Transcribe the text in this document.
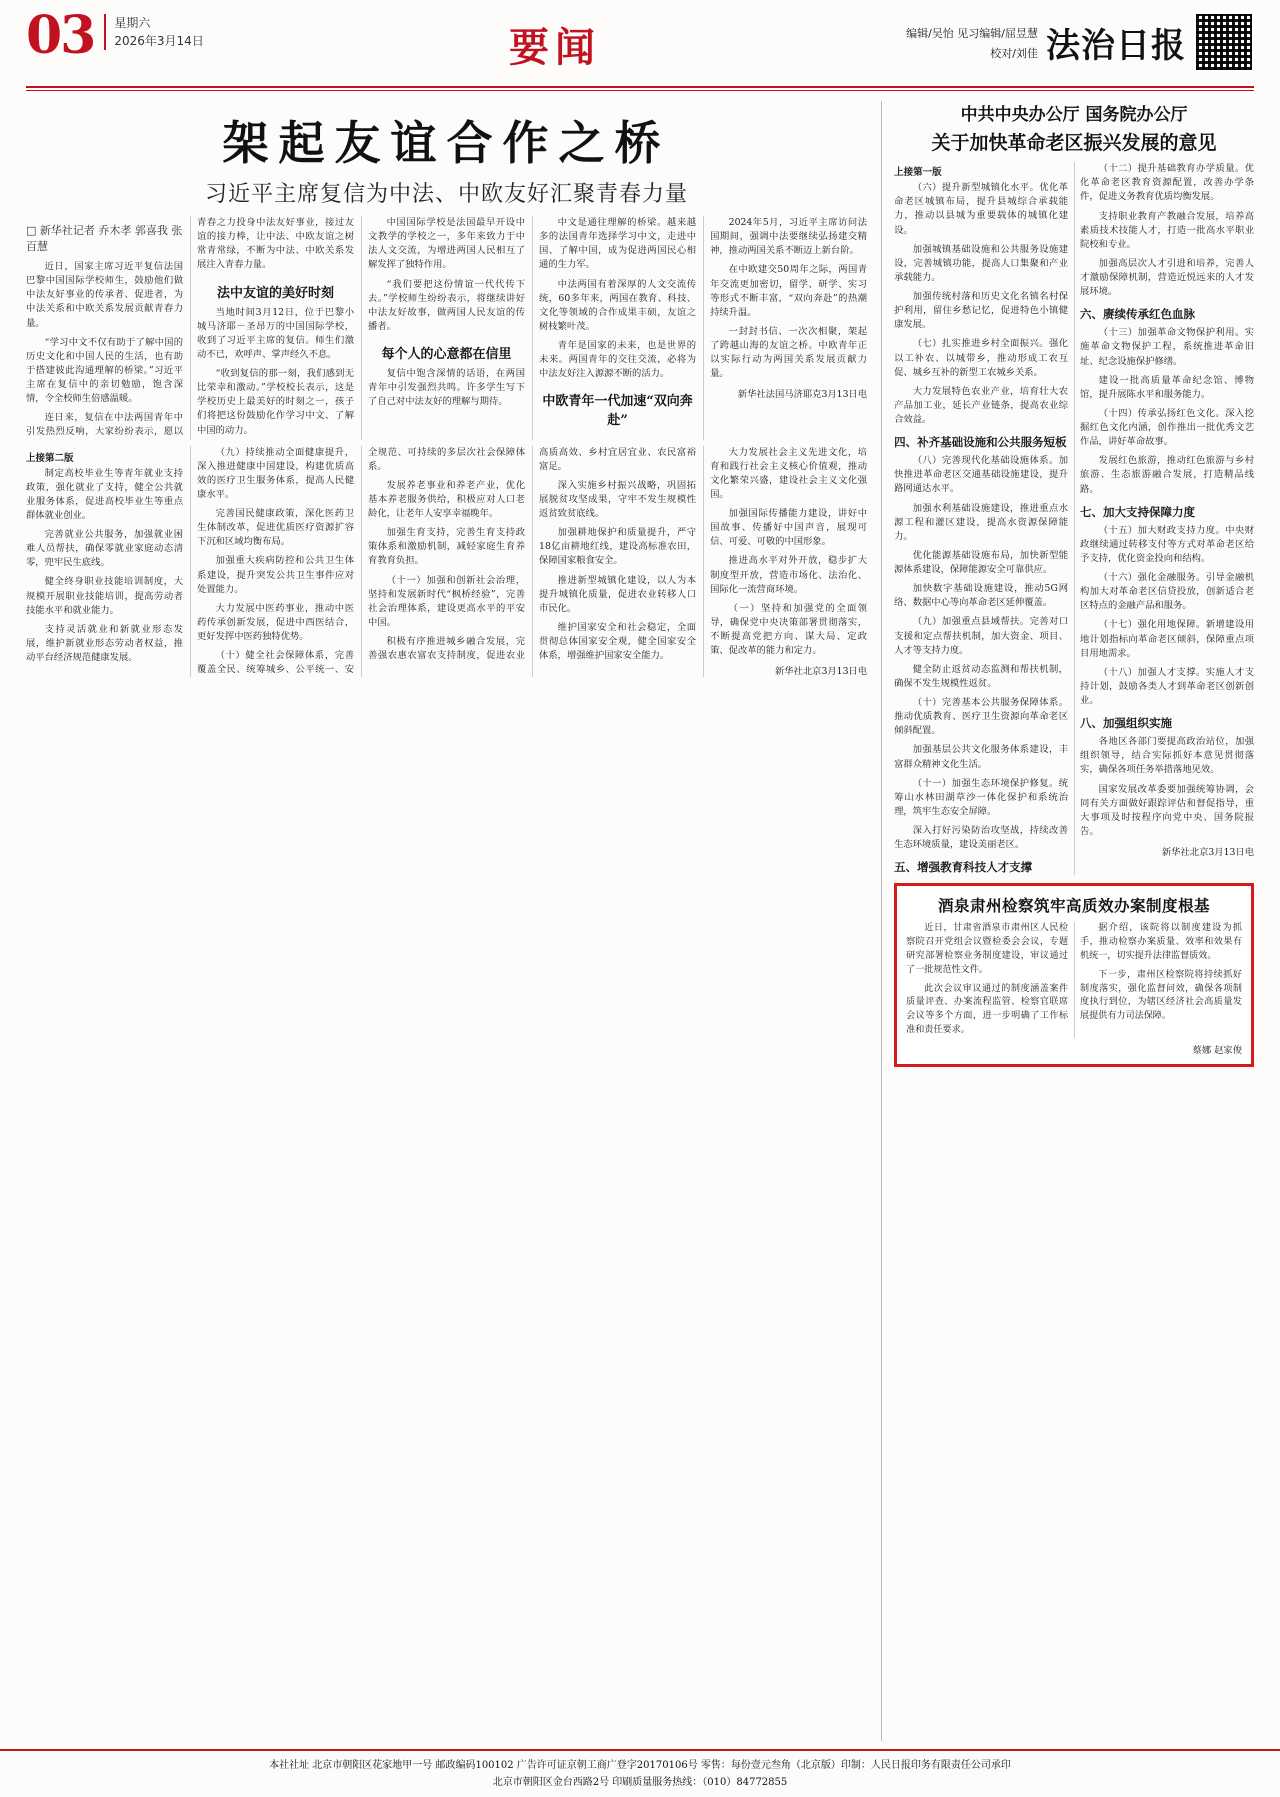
03 星期六
2026年3月14日	要闻	编辑/吴怡 见习编辑/屈昱慧
校对/刘佳 法治日报
架起友谊合作之桥
习近平主席复信为中法、中欧友好汇聚青春力量
□ 新华社记者 乔木孝 郭喜我 张百慧

近日，国家主席习近平复信法国巴黎中国国际学校师生，鼓励他们做中法友好事业的传承者、促进者，为中法关系和中欧关系发展贡献青春力量。

“学习中文不仅有助于了解中国的历史文化和中国人民的生活，也有助于搭建彼此沟通理解的桥梁。”习近平主席在复信中的亲切勉励，饱含深情，令全校师生倍感温暖。

连日来，复信在中法两国青年中引发热烈反响，大家纷纷表示，愿以青春之力投身中法友好事业，接过友谊的接力棒，让中法、中欧友谊之树常青常绿，不断为中法、中欧关系发展注入青春力量。

法中友谊的美好时刻

当地时间3月12日，位于巴黎小城马济耶－圣昂万的中国国际学校，收到了习近平主席的复信。师生们激动不已，欢呼声、掌声经久不息。

“收到复信的那一刻，我们感到无比荣幸和激动。”学校校长表示，这是学校历史上最美好的时刻之一，孩子们将把这份鼓励化作学习中文、了解中国的动力。

中国国际学校是法国最早开设中文教学的学校之一，多年来致力于中法人文交流，为增进两国人民相互了解发挥了独特作用。

“我们要把这份情谊一代代传下去。”学校师生纷纷表示，将继续讲好中法友好故事，做两国人民友谊的传播者。

每个人的心意都在信里

复信中饱含深情的话语，在两国青年中引发强烈共鸣。许多学生写下了自己对中法友好的理解与期待。

中文是通往理解的桥梁。越来越多的法国青年选择学习中文，走进中国、了解中国，成为促进两国民心相通的生力军。

中法两国有着深厚的人文交流传统，60多年来，两国在教育、科技、文化等领域的合作成果丰硕，友谊之树枝繁叶茂。

青年是国家的未来，也是世界的未来。两国青年的交往交流，必将为中法友好注入源源不断的活力。

中欧青年一代加速“双向奔赴”

2024年5月，习近平主席访问法国期间，强调中法要继续弘扬建交精神，推动两国关系不断迈上新台阶。

在中欧建交50周年之际，两国青年交流更加密切，留学、研学、实习等形式不断丰富，“双向奔赴”的热潮持续升温。

一封封书信、一次次相聚，架起了跨越山海的友谊之桥。中欧青年正以实际行动为两国关系发展贡献力量。

新华社法国马济耶克3月13日电
上接第二版

制定高校毕业生等青年就业支持政策，强化就业了支持，健全公共就业服务体系，促进高校毕业生等重点群体就业创业。

完善就业公共服务，加强就业困难人员帮扶，确保零就业家庭动态清零，兜牢民生底线。

健全终身职业技能培训制度，大规模开展职业技能培训，提高劳动者技能水平和就业能力。

支持灵活就业和新就业形态发展，维护新就业形态劳动者权益，推动平台经济规范健康发展。

（九）持续推动全面健康提升，深入推进健康中国建设，构建优质高效的医疗卫生服务体系，提高人民健康水平。

完善国民健康政策，深化医药卫生体制改革，促进优质医疗资源扩容下沉和区域均衡布局。

加强重大疾病防控和公共卫生体系建设，提升突发公共卫生事件应对处置能力。

大力发展中医药事业，推动中医药传承创新发展，促进中西医结合，更好发挥中医药独特优势。

（十）健全社会保障体系，完善覆盖全民、统筹城乡、公平统一、安全规范、可持续的多层次社会保障体系。

发展养老事业和养老产业，优化基本养老服务供给，积极应对人口老龄化，让老年人安享幸福晚年。

加强生育支持，完善生育支持政策体系和激励机制，减轻家庭生育养育教育负担。

（十一）加强和创新社会治理，坚持和发展新时代“枫桥经验”，完善社会治理体系，建设更高水平的平安中国。

积极有序推进城乡融合发展，完善强农惠农富农支持制度，促进农业高质高效、乡村宜居宜业、农民富裕富足。

深入实施乡村振兴战略，巩固拓展脱贫攻坚成果，守牢不发生规模性返贫致贫底线。

加强耕地保护和质量提升，严守18亿亩耕地红线，建设高标准农田，保障国家粮食安全。

推进新型城镇化建设，以人为本提升城镇化质量，促进农业转移人口市民化。

维护国家安全和社会稳定，全面贯彻总体国家安全观，健全国家安全体系，增强维护国家安全能力。

大力发展社会主义先进文化，培育和践行社会主义核心价值观，推动文化繁荣兴盛，建设社会主义文化强国。

加强国际传播能力建设，讲好中国故事、传播好中国声音，展现可信、可爱、可敬的中国形象。

推进高水平对外开放，稳步扩大制度型开放，营造市场化、法治化、国际化一流营商环境。

（一）坚持和加强党的全面领导，确保党中央决策部署贯彻落实，不断提高党把方向、谋大局、定政策、促改革的能力和定力。

新华社北京3月13日电
中共中央办公厅 国务院办公厅
关于加快革命老区振兴发展的意见
上接第一版

（六）提升新型城镇化水平。优化革命老区城镇布局，提升县城综合承载能力，推动以县城为重要载体的城镇化建设。

加强城镇基础设施和公共服务设施建设，完善城镇功能，提高人口集聚和产业承载能力。

加强传统村落和历史文化名镇名村保护利用，留住乡愁记忆，促进特色小镇健康发展。

（七）扎实推进乡村全面振兴。强化以工补农、以城带乡，推动形成工农互促、城乡互补的新型工农城乡关系。

大力发展特色农业产业，培育壮大农产品加工业，延长产业链条，提高农业综合效益。

四、补齐基础设施和公共服务短板

（八）完善现代化基础设施体系。加快推进革命老区交通基础设施建设，提升路网通达水平。

加强水利基础设施建设，推进重点水源工程和灌区建设，提高水资源保障能力。

优化能源基础设施布局，加快新型能源体系建设，保障能源安全可靠供应。

加快数字基础设施建设，推动5G网络、数据中心等向革命老区延伸覆盖。

（九）加强重点县域帮扶。完善对口支援和定点帮扶机制，加大资金、项目、人才等支持力度。

健全防止返贫动态监测和帮扶机制，确保不发生规模性返贫。

（十）完善基本公共服务保障体系。推动优质教育、医疗卫生资源向革命老区倾斜配置。

加强基层公共文化服务体系建设，丰富群众精神文化生活。

（十一）加强生态环境保护修复。统筹山水林田湖草沙一体化保护和系统治理，筑牢生态安全屏障。

深入打好污染防治攻坚战，持续改善生态环境质量，建设美丽老区。

五、增强教育科技人才支撑

（十二）提升基础教育办学质量。优化革命老区教育资源配置，改善办学条件，促进义务教育优质均衡发展。

支持职业教育产教融合发展，培养高素质技术技能人才，打造一批高水平职业院校和专业。

加强高层次人才引进和培养，完善人才激励保障机制，营造近悦远来的人才发展环境。

六、赓续传承红色血脉

（十三）加强革命文物保护利用。实施革命文物保护工程，系统推进革命旧址、纪念设施保护修缮。

建设一批高质量革命纪念馆、博物馆，提升展陈水平和服务能力。

（十四）传承弘扬红色文化。深入挖掘红色文化内涵，创作推出一批优秀文艺作品，讲好革命故事。

发展红色旅游，推动红色旅游与乡村旅游、生态旅游融合发展，打造精品线路。

七、加大支持保障力度

（十五）加大财政支持力度。中央财政继续通过转移支付等方式对革命老区给予支持，优化资金投向和结构。

（十六）强化金融服务。引导金融机构加大对革命老区信贷投放，创新适合老区特点的金融产品和服务。

（十七）强化用地保障。新增建设用地计划指标向革命老区倾斜，保障重点项目用地需求。

（十八）加强人才支撑。实施人才支持计划，鼓励各类人才到革命老区创新创业。

八、加强组织实施

各地区各部门要提高政治站位，加强组织领导，结合实际抓好本意见贯彻落实，确保各项任务举措落地见效。

国家发展改革委要加强统筹协调，会同有关方面做好跟踪评估和督促指导，重大事项及时按程序向党中央、国务院报告。

新华社北京3月13日电
酒泉肃州检察筑牢高质效办案制度根基

近日，甘肃省酒泉市肃州区人民检察院召开党组会议暨检委会会议，专题研究部署检察业务制度建设，审议通过了一批规范性文件。

此次会议审议通过的制度涵盖案件质量评查、办案流程监管、检察官联席会议等多个方面，进一步明确了工作标准和责任要求。

据介绍，该院将以制度建设为抓手，推动检察办案质量、效率和效果有机统一，切实提升法律监督质效。

下一步，肃州区检察院将持续抓好制度落实，强化监督问效，确保各项制度执行到位，为辖区经济社会高质量发展提供有力司法保障。

蔡娜 赵家俊
本社社址 北京市朝阳区花家地甲一号 邮政编码100102 广告许可证京朝工商广登字20170106号 零售：每份壹元叁角（北京版）印制：人民日报印务有限责任公司承印
北京市朝阳区金台西路2号 印刷质量服务热线：（010）84772855
